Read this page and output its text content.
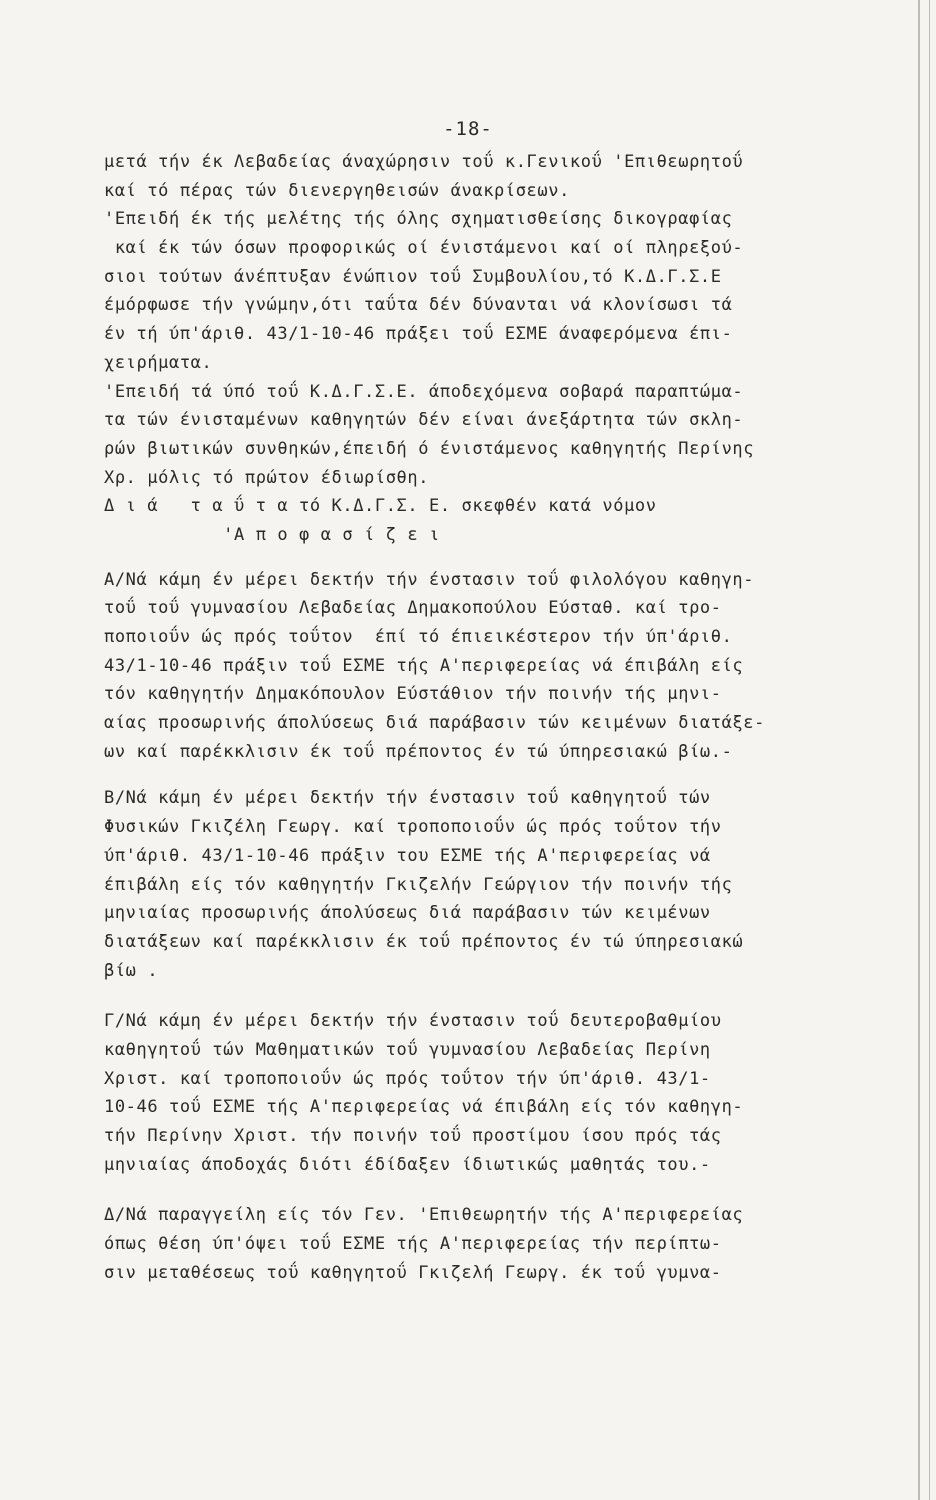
-18-
μετά τήν έκ Λεβαδείας άναχώρησιν τοΰ κ.Γενικοΰ 'Επιθεωρητοΰ
καί τό πέρας τών διενεργηθεισών άνακρίσεων.
'Επειδή έκ τής μελέτης τής όλης σχηματισθείσης δικογραφίας
καί έκ τών όσων προφορικώς οί ένιστάμενοι καί οί πληρεξού-
σιοι τούτων άνέπτυξαν ένώπιον τοΰ Συμβουλίου,τό Κ.Δ.Γ.Σ.Ε
έμόρφωσε τήν γνώμην,ότι ταΰτα δέν δύνανται νά κλονίσωσι τά
έν τή ύπ'άριθ. 43/1-10-46 πράξει τοΰ ΕΣΜΕ άναφερόμενα έπι-
χειρήματα.
'Επειδή τά ύπό τοΰ Κ.Δ.Γ.Σ.Ε. άποδεχόμενα σοβαρά παραπτώμα-
τα τών ένισταμένων καθηγητών δέν είναι άνεξάρτητα τών σκλη-
ρών βιωτικών συνθηκών,έπειδή ό ένιστάμενος καθηγητής Περίνης
Χρ. μόλις τό πρώτον έδιωρίσθη.
Δ ι ά   τ α ΰ τ α τό Κ.Δ.Γ.Σ. Ε. σκεφθέν κατά νόμον
'Α π ο φ α σ ί ζ ε ι
Α/Νά κάμη έν μέρει δεκτήν τήν ένστασιν τοΰ φιλολόγου καθηγη-
τοΰ τοΰ γυμνασίου Λεβαδείας Δημακοπούλου Εύσταθ. καί τρο-
ποποιοΰν ώς πρός τοΰτον  έπί τό έπιεικέστερον τήν ύπ'άριθ.
43/1-10-46 πράξιν τοΰ ΕΣΜΕ τής Α'περιφερείας νά έπιβάλη είς
τόν καθηγητήν Δημακόπουλον Εύστάθιον τήν ποινήν τής μηνι-
αίας προσωρινής άπολύσεως διά παράβασιν τών κειμένων διατάξε-
ων καί παρέκκλισιν έκ τοΰ πρέποντος έν τώ ύπηρεσιακώ βίω.-
Β/Νά κάμη έν μέρει δεκτήν τήν ένστασιν τοΰ καθηγητοΰ τών
Φυσικών Γκιζέλη Γεωργ. καί τροποποιοΰν ώς πρός τοΰτον τήν
ύπ'άριθ. 43/1-10-46 πράξιν του ΕΣΜΕ τής Α'περιφερείας νά
έπιβάλη είς τόν καθηγητήν Γκιζελήν Γεώργιον τήν ποινήν τής
μηνιαίας προσωρινής άπολύσεως διά παράβασιν τών κειμένων
διατάξεων καί παρέκκλισιν έκ τοΰ πρέποντος έν τώ ύπηρεσιακώ
βίω .
Γ/Νά κάμη έν μέρει δεκτήν τήν ένστασιν τοΰ δευτεροβαθμίου
καθηγητοΰ τών Μαθηματικών τοΰ γυμνασίου Λεβαδείας Περίνη
Χριστ. καί τροποποιοΰν ώς πρός τοΰτον τήν ύπ'άριθ. 43/1-
10-46 τοΰ ΕΣΜΕ τής Α'περιφερείας νά έπιβάλη είς τόν καθηγη-
τήν Περίνην Χριστ. τήν ποινήν τοΰ προστίμου ίσου πρός τάς
μηνιαίας άποδοχάς διότι έδίδαξεν ίδιωτικώς μαθητάς του.-
Δ/Νά παραγγείλη είς τόν Γεν. 'Επιθεωρητήν τής Α'περιφερείας
όπως θέση ύπ'όψει τοΰ ΕΣΜΕ τής Α'περιφερείας τήν περίπτω-
σιν μεταθέσεως τοΰ καθηγητοΰ Γκιζελή Γεωργ. έκ τοΰ γυμνα-
